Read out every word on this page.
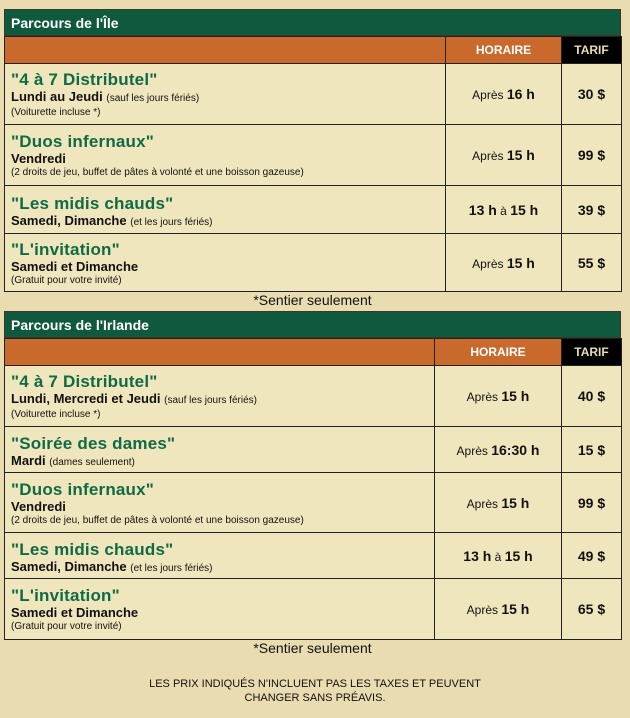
Parcours de l'Île
	HORAIRE	TARIF

"4 à 7 Distributel"
Lundi au Jeudi (sauf les jours fériés)
(Voiturette incluse *)	Après 16 h	30 $

"Duos infernaux"
Vendredi
(2 droits de jeu, buffet de pâtes à volonté et une boisson gazeuse)	Après 15 h	99 $

"Les midis chauds"
Samedi, Dimanche (et les jours fériés)	13 h à 15 h	39 $

"L'invitation"
Samedi et Dimanche
(Gratuit pour votre invité)	Après 15 h	55 $
*Sentier seulement
Parcours de l'Irlande
	HORAIRE	TARIF

"4 à 7 Distributel"
Lundi, Mercredi et Jeudi (sauf les jours fériés)
(Voiturette incluse *)	Après 15 h	40 $

"Soirée des dames"
Mardi (dames seulement)	Après 16:30 h	15 $

"Duos infernaux"
Vendredi
(2 droits de jeu, buffet de pâtes à volonté et une boisson gazeuse)	Après 15 h	99 $

"Les midis chauds"
Samedi, Dimanche (et les jours fériés)	13 h à 15 h	49 $

"L'invitation"
Samedi et Dimanche
(Gratuit pour votre invité)	Après 15 h	65 $
*Sentier seulement
LES PRIX INDIQUÉS N'INCLUENT PAS LES TAXES ET PEUVENT
CHANGER SANS PRÉAVIS.
